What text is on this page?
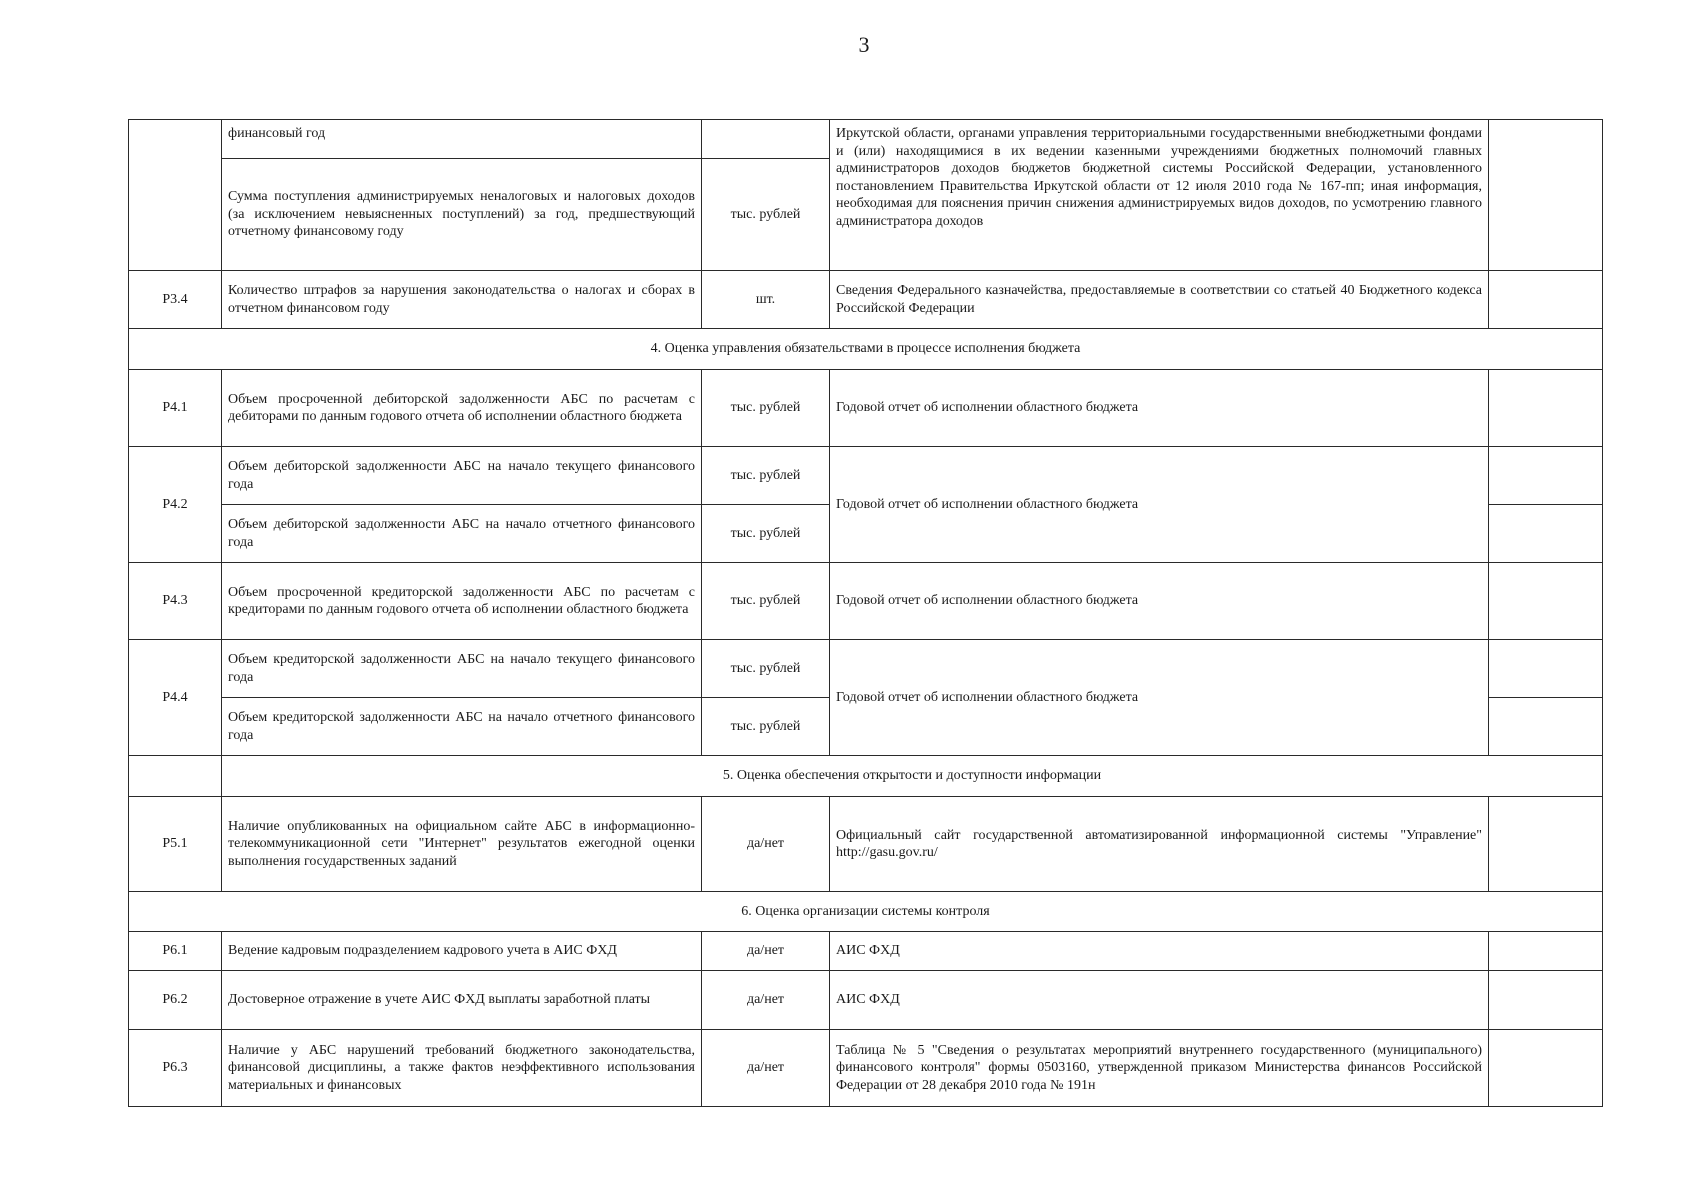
3
	финансовый год		Иркутской области, органами управления территориальными государственными внебюджетными фондами и (или) находящимися в их ведении казенными учреждениями бюджетных полномочий главных администраторов доходов бюджетов бюджетной системы Российской Федерации, установленного постановлением Правительства Иркутской области от 12 июля 2010 года № 167-пп; иная информация, необходимая для пояснения причин снижения администрируемых видов доходов, по усмотрению главного администратора доходов	
	Сумма поступления администрируемых неналоговых и налоговых доходов (за исключением невыясненных поступлений) за год, предшествующий отчетному финансовому году	тыс. рублей		
Р3.4	Количество штрафов за нарушения законодательства о налогах и сборах в отчетном финансовом году	шт.	Сведения Федерального казначейства, предоставляемые в соответствии со статьей 40 Бюджетного кодекса Российской Федерации	
4. Оценка управления обязательствами в процессе исполнения бюджета				
Р4.1	Объем просроченной дебиторской задолженности АБС по расчетам с дебиторами по данным годового отчета об исполнении областного бюджета	тыс. рублей	Годовой отчет об исполнении областного бюджета	
Р4.2	Объем дебиторской задолженности АБС на начало текущего финансового года	тыс. рублей	Годовой отчет об исполнении областного бюджета	
	Объем дебиторской задолженности АБС на начало отчетного финансового года	тыс. рублей		
Р4.3	Объем просроченной кредиторской задолженности АБС по расчетам с кредиторами по данным годового отчета об исполнении областного бюджета	тыс. рублей	Годовой отчет об исполнении областного бюджета	
Р4.4	Объем кредиторской задолженности АБС на начало текущего финансового года	тыс. рублей	Годовой отчет об исполнении областного бюджета	
	Объем кредиторской задолженности АБС на начало отчетного финансового года	тыс. рублей		
	5. Оценка обеспечения открытости и доступности информации			
Р5.1	Наличие опубликованных на официальном сайте АБС в информационно-телекоммуникационной сети "Интернет" результатов ежегодной оценки выполнения государственных заданий	да/нет	Официальный сайт государственной автоматизированной информационной системы "Управление" http://gasu.gov.ru/	
6. Оценка организации системы контроля				
Р6.1	Ведение кадровым подразделением кадрового учета в АИС ФХД	да/нет	АИС ФХД	
Р6.2	Достоверное отражение в учете АИС ФХД выплаты заработной платы	да/нет	АИС ФХД	
Р6.3	Наличие у АБС нарушений требований бюджетного законодательства, финансовой дисциплины, а также фактов неэффективного использования материальных и финансовых	да/нет	Таблица № 5 "Сведения о результатах мероприятий внутреннего государственного (муниципального) финансового контроля" формы 0503160, утвержденной приказом Министерства финансов Российской Федерации от 28 декабря 2010 года № 191н	
